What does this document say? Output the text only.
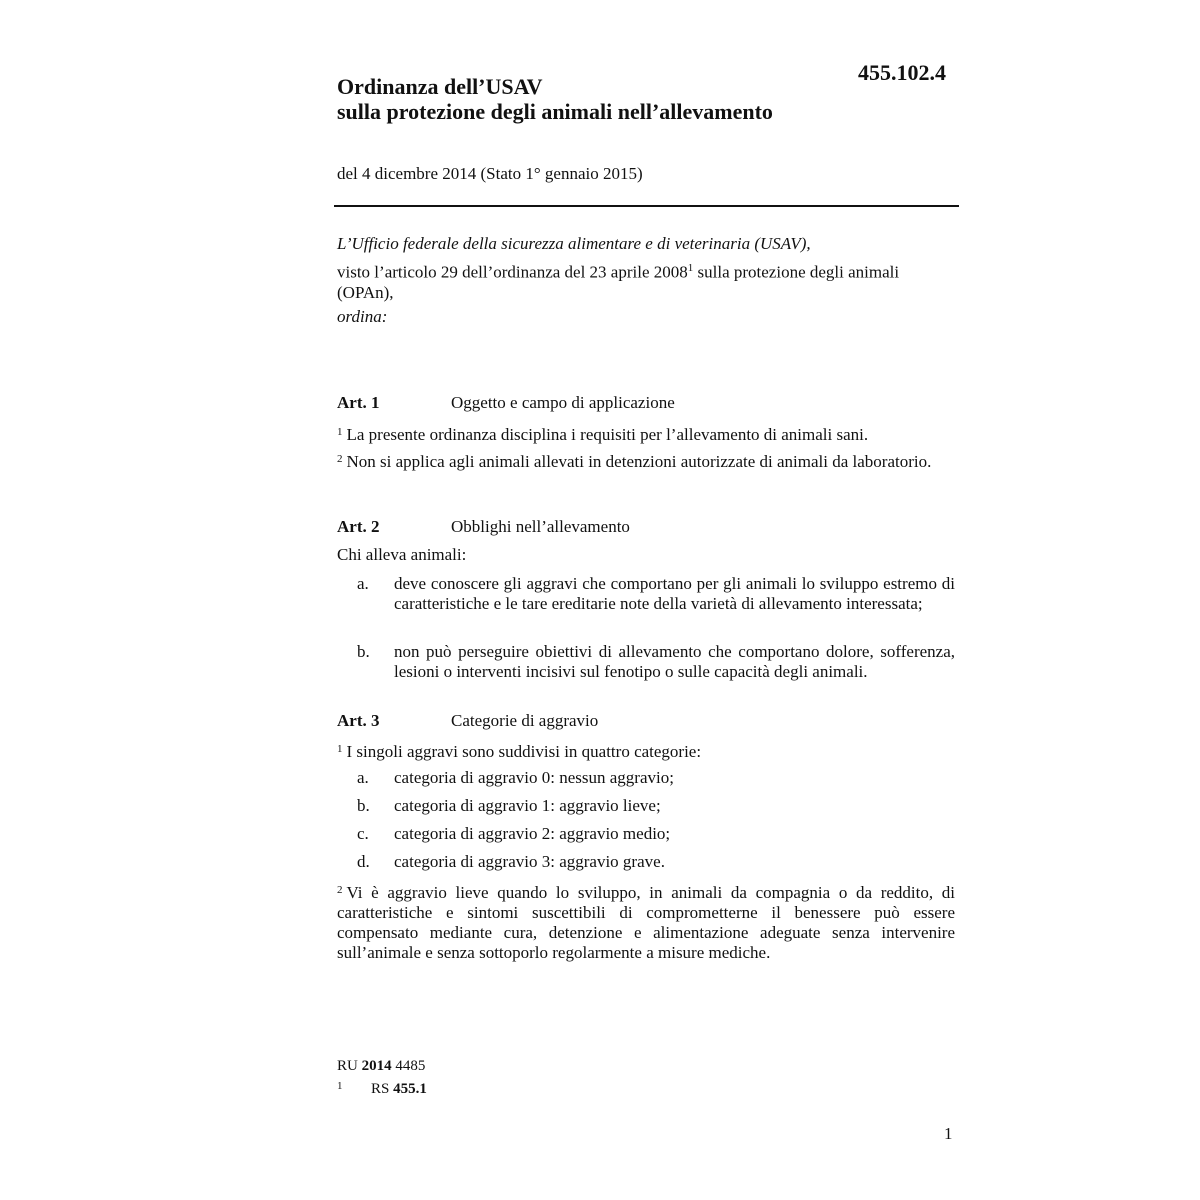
455.102.4
Ordinanza dell’USAV
sulla protezione degli animali nell’allevamento
del 4 dicembre 2014 (Stato 1° gennaio 2015)

L’Ufficio federale della sicurezza alimentare e di veterinaria (USAV),

visto l’articolo 29 dell’ordinanza del 23 aprile 2008$^1$ sulla protezione degli animali (OPAn),

ordina:

Art. 1	Oggetto e campo di applicazione
$^1$ La presente ordinanza disciplina i requisiti per l’allevamento di animali sani.
$^2$ Non si applica agli animali allevati in detenzioni autorizzate di animali da laboratorio.
Art. 2	Obblighi nell’allevamento
Chi alleva animali:
a.	deve conoscere gli aggravi che comportano per gli animali lo sviluppo estremo di caratteristiche e le tare ereditarie note della varietà di allevamento interessata;
b.	non può perseguire obiettivi di allevamento che comportano dolore, sofferenza, lesioni o interventi incisivi sul fenotipo o sulle capacità degli animali.
Art. 3	Categorie di aggravio
$^1$ I singoli aggravi sono suddivisi in quattro categorie:
a.	categoria di aggravio 0: nessun aggravio;
b.	categoria di aggravio 1: aggravio lieve;
c.	categoria di aggravio 2: aggravio medio;
d.	categoria di aggravio 3: aggravio grave.
$^2$ Vi è aggravio lieve quando lo sviluppo, in animali da compagnia o da reddito, di caratteristiche e sintomi suscettibili di comprometterne il benessere può essere compensato mediante cura, detenzione e alimentazione adeguate senza intervenire sull’animale e senza sottoporlo regolarmente a misure mediche.
RU 2014 4485
1 RS 455.1
1
